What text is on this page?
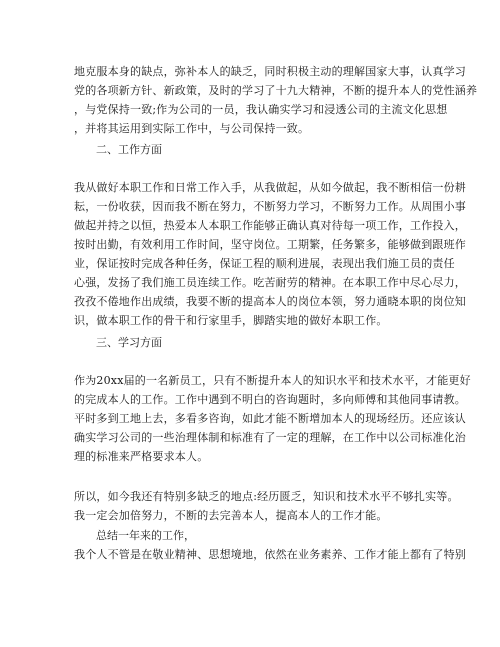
地克服本身的缺点，弥补本人的缺乏，同时积极主动的理解国家大事，认真学习
党的各项新方针、新政策，及时的学习了十九大精神，不断的提升本人的党性涵养
，与党保持一致;作为公司的一员，我认确实学习和浸透公司的主流文化思想
，并将其运用到实际工作中，与公司保持一致。
二、工作方面
我从做好本职工作和日常工作入手，从我做起，从如今做起，我不断相信一份耕
耘，一份收获，因而我不断在努力，不断努力学习，不断努力工作。从周围小事
做起并持之以恒，热爱本人本职工作能够正确认真对待每一项工作，工作投入，
按时出勤，有效利用工作时间，坚守岗位。工期繁，任务繁多，能够做到跟班作
业，保证按时完成各种任务，保证工程的顺利进展，表现出我们施工员的责任
心强，发扬了我们施工员连续工作。吃苦耐劳的精神。在本职工作中尽心尽力，
孜孜不倦地作出成绩，我要不断的提高本人的岗位本领，努力通晓本职的岗位知
识，做本职工作的骨干和行家里手，脚踏实地的做好本职工作。
三、学习方面
作为20xx届的一名新员工，只有不断提升本人的知识水平和技术水平，才能更好
的完成本人的工作。工作中遇到不明白的咨询题时，多向师傅和其他同事请教。
平时多到工地上去，多看多咨询，如此才能不断增加本人的现场经历。还应该认
确实学习公司的一些治理体制和标准有了一定的理解，在工作中以公司标准化治
理的标准来严格要求本人。
所以，如今我还有特别多缺乏的地点:经历匮乏，知识和技术水平不够扎实等。
我一定会加倍努力，不断的去完善本人，提高本人的工作才能。
总结一年来的工作，
我个人不管是在敬业精神、思想境地，依然在业务素养、工作才能上都有了特别
